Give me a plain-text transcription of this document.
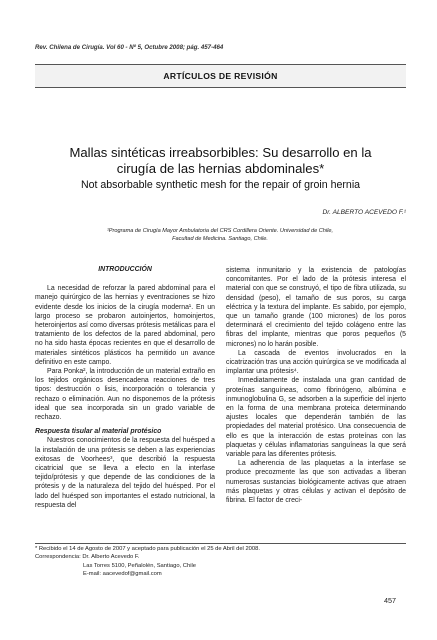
Rev. Chilena de Cirugía. Vol 60 - Nº 5, Octubre 2008; pág. 457-464
ARTÍCULOS DE REVISIÓN
Mallas sintéticas irreabsorbibles: Su desarrollo en la
cirugía de las hernias abdominales*
Not absorbable synthetic mesh for the repair of groin hernia
Dr. ALBERTO ACEVEDO F.¹
¹Programa de Cirugía Mayor Ambulatoria del CRS Cordillera Oriente. Universidad de Chile,
Facultad de Medicina. Santiago, Chile.
INTRODUCCIÓN

La necesidad de reforzar la pared abdominal para el manejo quirúrgico de las hernias y eventraciones se hizo evidente desde los inicios de la cirugía moderna¹. En un largo proceso se probaron autoinjertos, homoinjertos, heteroinjertos así como diversas prótesis metálicas para el tratamiento de los defectos de la pared abdominal, pero no ha sido hasta épocas recientes en que el desarrollo de materiales sintéticos plásticos ha permitido un avance definitivo en este campo.

Para Ponka², la introducción de un material extraño en los tejidos orgánicos desencadena reacciones de tres tipos: destrucción o lisis, incorporación o tolerancia y rechazo o eliminación. Aun no disponemos de la prótesis ideal que sea incorporada sin un grado variable de rechazo.

Respuesta tisular al material protésico

Nuestros conocimientos de la respuesta del huésped a la instalación de una prótesis se deben a las experiencias exitosas de Voorhees³, que describió la respuesta cicatricial que se lleva a efecto en la interfase tejido/prótesis y que depende de las condiciones de la prótesis y de la naturaleza del tejido del huésped. Por el lado del huésped son importantes el estado nutricional, la respuesta del

sistema inmunitario y la existencia de patologías concomitantes. Por el lado de la prótesis interesa el material con que se construyó, el tipo de fibra utilizada, su densidad (peso), el tamaño de sus poros, su carga eléctrica y la textura del implante. Es sabido, por ejemplo, que un tamaño grande (100 micrones) de los poros determinará el crecimiento del tejido colágeno entre las fibras del implante, mientras que poros pequeños (5 micrones) no lo harán posible.

La cascada de eventos involucrados en la cicatrización tras una acción quirúrgica se ve modificada al implantar una prótesis⁴.

Inmediatamente de instalada una gran cantidad de proteínas sanguíneas, como fibrinógeno, albúmina e inmunoglobulina G, se adsorben a la superficie del injerto en la forma de una membrana proteica determinando ajustes locales que dependerán también de las propiedades del material protésico. Una consecuencia de ello es que la interacción de estas proteínas con las plaquetas y células inflamatorias sanguíneas la que será variable para las diferentes prótesis.

La adherencia de las plaquetas a la interfase se produce precozmente las que son activadas a liberan numerosas sustancias biológicamente activas que atraen más plaquetas y otras células y activan el depósito de fibrina. El factor de creci-

* Recibido el 14 de Agosto de 2007 y aceptado para publicación el 25 de Abril del 2008.
Correspondencia: Dr. Alberto Acevedo F.
Las Torres 5100, Peñalolén, Santiago, Chile
E-mail: aacevedof@gmail.com
457
